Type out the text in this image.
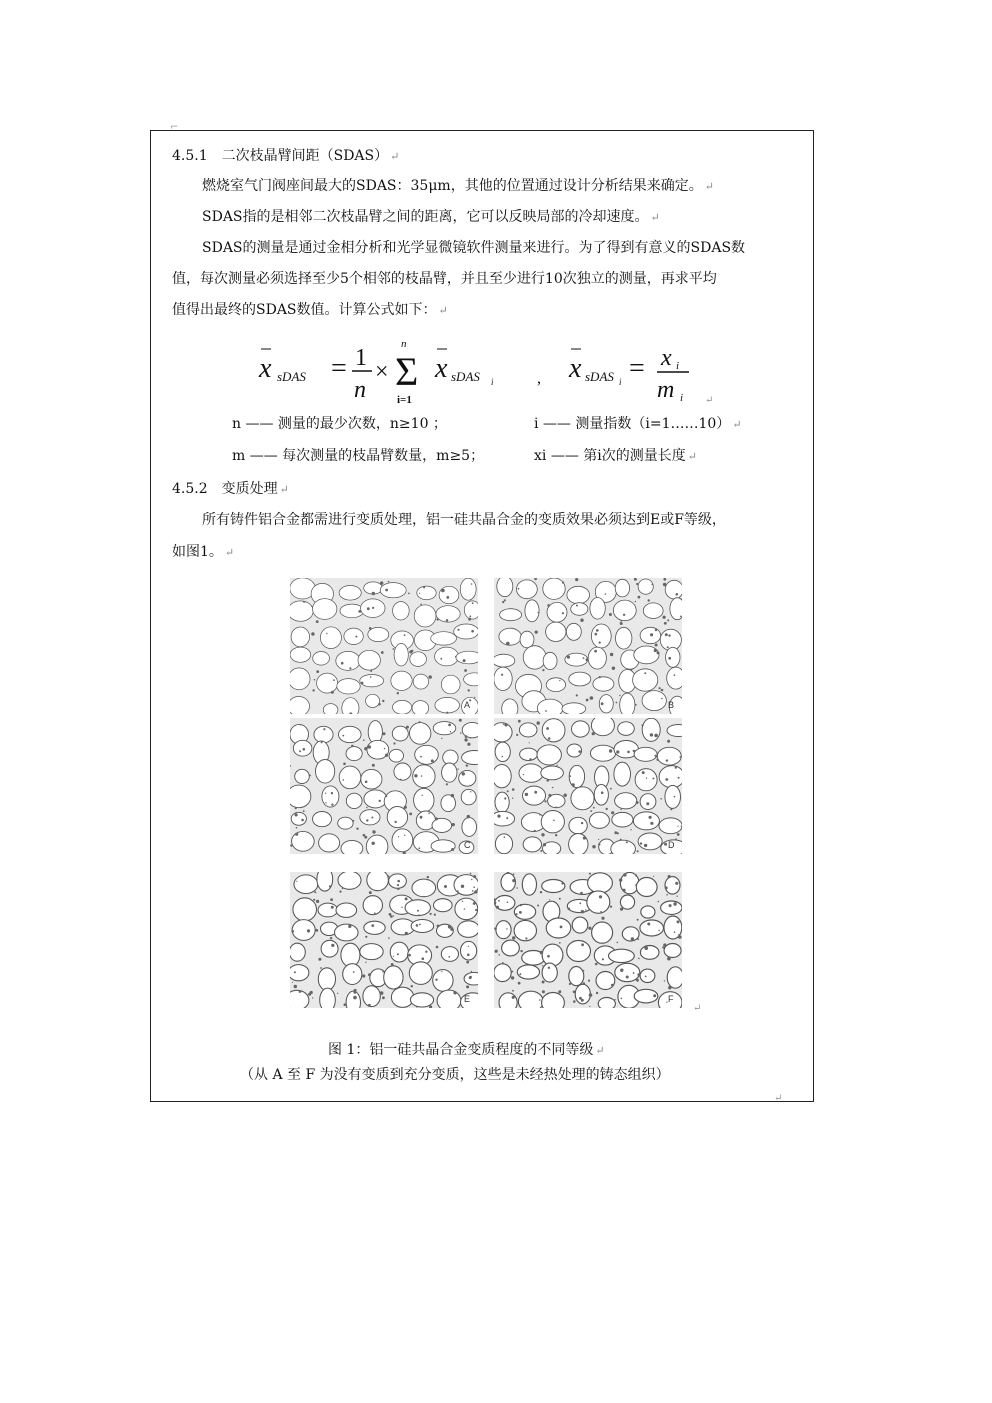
⌐
4.5.1　二次枝晶臂间距（SDAS） ↵
燃烧室气门阀座间最大的SDAS：35μm，其他的位置通过设计分析结果来确定。 ↵
SDAS指的是相邻二次枝晶臂之间的距离，它可以反映局部的冷却速度。 ↵
SDAS的测量是通过金相分析和光学显微镜软件测量来进行。为了得到有意义的SDAS数
值，每次测量必须选择至少5个相邻的枝晶臂，并且至少进行10次独立的测量，再求平均
值得出最终的SDAS数值。计算公式如下： ↵
x sDAS = 1
n
×
n
Σ
i=1
x sDAS i	, x sDAS i = x i
m i ↵
n —— 测量的最少次数，n≥10 ；	i —— 测量指数（i=1……10） ↵
m —— 每次测量的枝晶臂数量，m≥5；	xi —— 第i次的测量长度 ↵
4.5.2　变质处理 ↵
所有铸件铝合金都需进行变质处理，铝一硅共晶合金的变质效果必须达到E或F等级，
如图1。 ↵
A	B
C	D
E	F
↵
图 1：铝一硅共晶合金变质程度的不同等级 ↵
（从 A 至 F 为没有变质到充分变质，这些是未经热处理的铸态组织）
↵
